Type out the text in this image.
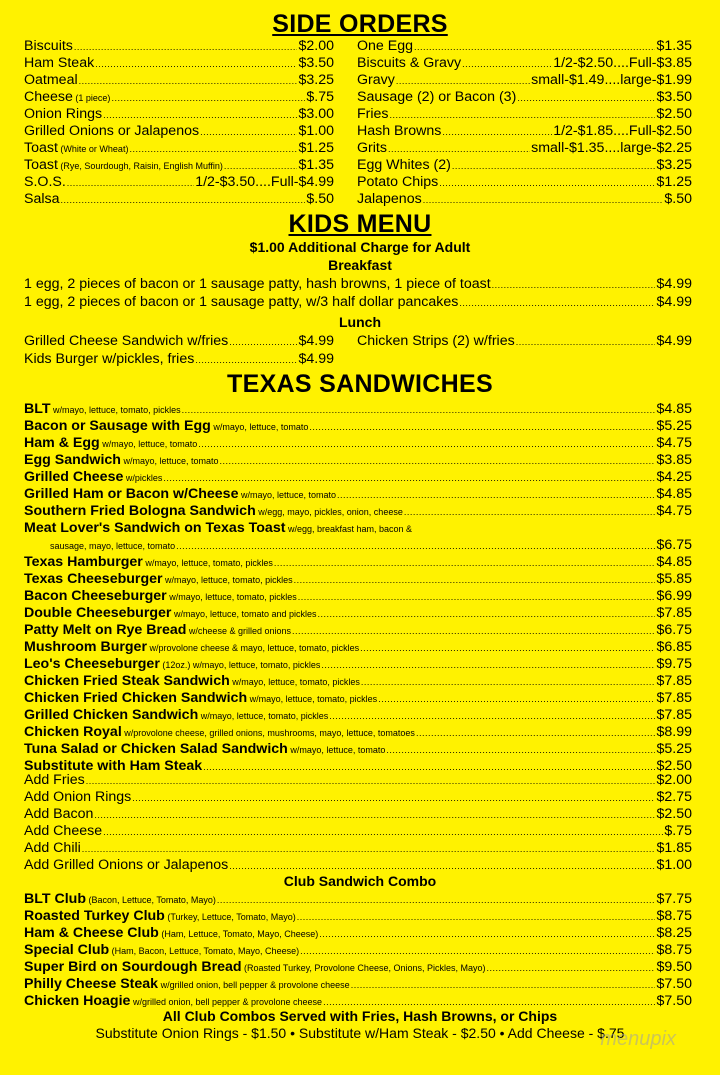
SIDE ORDERS
Biscuits .....	$2.00
Ham Steak .....	$3.50
Oatmeal .....	$3.25
Cheese (1 piece) .....	$.75
Onion Rings .....	$3.00
Grilled Onions or Jalapenos .....	$1.00
Toast (White or Wheat) .....	$1.25
Toast (Rye, Sourdough, Raisin, English Muffin) .....	$1.35
S.O.S. .....	1/2-$3.50....Full-$4.99
Salsa .....	$.50
One Egg .....	$1.35
Biscuits & Gravy .....	1/2-$2.50....Full-$3.85
Gravy .....	small-$1.49....large-$1.99
Sausage (2) or Bacon (3) .....	$3.50
Fries .....	$2.50
Hash Browns .....	1/2-$1.85....Full-$2.50
Grits .....	small-$1.35....large-$2.25
Egg Whites (2) .....	$3.25
Potato Chips .....	$1.25
Jalapenos .....	$.50
KIDS MENU
$1.00 Additional Charge for Adult
Breakfast
1 egg, 2 pieces of bacon or 1 sausage patty, hash browns, 1 piece of toast .....	$4.99
1 egg, 2 pieces of bacon or 1 sausage patty, w/3 half dollar pancakes .....	$4.99
Lunch
Grilled Cheese Sandwich w/fries .....	$4.99
Kids Burger w/pickles, fries .....	$4.99
Chicken Strips (2) w/fries .....	$4.99
TEXAS SANDWICHES
BLT w/mayo, lettuce, tomato, pickles .....	$4.85
Bacon or Sausage with Egg w/mayo, lettuce, tomato .....	$5.25
Ham & Egg w/mayo, lettuce, tomato .....	$4.75
Egg Sandwich w/mayo, lettuce, tomato .....	$3.85
Grilled Cheese w/pickles .....	$4.25
Grilled Ham or Bacon w/Cheese w/mayo, lettuce, tomato .....	$4.85
Southern Fried Bologna Sandwich w/egg, mayo, pickles, onion, cheese .....	$4.75
Meat Lover's Sandwich on Texas Toast w/egg, breakfast ham, bacon &
sausage, mayo, lettuce, tomato .....	$6.75
Texas Hamburger w/mayo, lettuce, tomato, pickles .....	$4.85
Texas Cheeseburger w/mayo, lettuce, tomato, pickles .....	$5.85
Bacon Cheeseburger w/mayo, lettuce, tomato, pickles .....	$6.99
Double Cheeseburger w/mayo, lettuce, tomato and pickles .....	$7.85
Patty Melt on Rye Bread w/cheese & grilled onions .....	$6.75
Mushroom Burger w/provolone cheese & mayo, lettuce, tomato, pickles .....	$6.85
Leo's Cheeseburger (12oz.) w/mayo, lettuce, tomato, pickles .....	$9.75
Chicken Fried Steak Sandwich w/mayo, lettuce, tomato, pickles .....	$7.85
Chicken Fried Chicken Sandwich w/mayo, lettuce, tomato, pickles .....	$7.85
Grilled Chicken Sandwich w/mayo, lettuce, tomato, pickles .....	$7.85
Chicken Royal w/provolone cheese, grilled onions, mushrooms, mayo, lettuce, tomatoes .....	$8.99
Tuna Salad or Chicken Salad Sandwich w/mayo, lettuce, tomato .....	$5.25
Substitute with Ham Steak .....	$2.50
Add Fries .....	$2.00
Add Onion Rings .....	$2.75
Add Bacon .....	$2.50
Add Cheese .....	$.75
Add Chili .....	$1.85
Add Grilled Onions or Jalapenos .....	$1.00
Club Sandwich Combo
BLT Club (Bacon, Lettuce, Tomato, Mayo) .....	$7.75
Roasted Turkey Club (Turkey, Lettuce, Tomato, Mayo) .....	$8.75
Ham & Cheese Club (Ham, Lettuce, Tomato, Mayo, Cheese) .....	$8.25
Special Club (Ham, Bacon, Lettuce, Tomato, Mayo, Cheese) .....	$8.75
Super Bird on Sourdough Bread (Roasted Turkey, Provolone Cheese, Onions, Pickles, Mayo) .....	$9.50
Philly Cheese Steak w/grilled onion, bell pepper & provolone cheese .....	$7.50
Chicken Hoagie w/grilled onion, bell pepper & provolone cheese .....	$7.50
All Club Combos Served with Fries, Hash Browns, or Chips
Substitute Onion Rings - $1.50 • Substitute w/Ham Steak - $2.50 • Add Cheese - $.75
menupix
